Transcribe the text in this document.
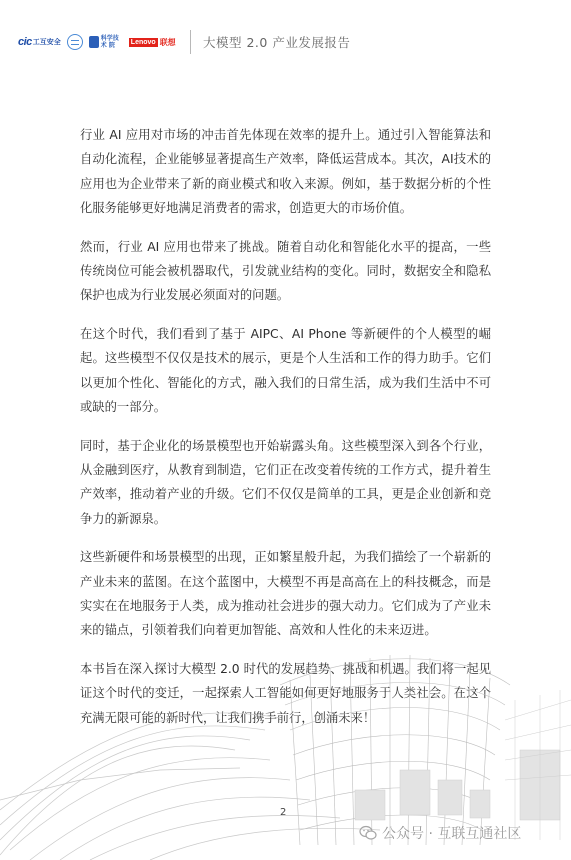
cic 工互安全	科学技术 院	Lenovo 联想 大模型 2.0 产业发展报告

行业 AI 应用对市场的冲击首先体现在效率的提升上。通过引入智能算法和自动化流程，企业能够显著提高生产效率，降低运营成本。其次，AI技术的应用也为企业带来了新的商业模式和收入来源。例如，基于数据分析的个性化服务能够更好地满足消费者的需求，创造更大的市场价值。

然而，行业 AI 应用也带来了挑战。随着自动化和智能化水平的提高，一些传统岗位可能会被机器取代，引发就业结构的变化。同时，数据安全和隐私保护也成为行业发展必须面对的问题。

在这个时代，我们看到了基于 AIPC、AI Phone 等新硬件的个人模型的崛起。这些模型不仅仅是技术的展示，更是个人生活和工作的得力助手。它们以更加个性化、智能化的方式，融入我们的日常生活，成为我们生活中不可或缺的一部分。

同时，基于企业化的场景模型也开始崭露头角。这些模型深入到各个行业，从金融到医疗，从教育到制造，它们正在改变着传统的工作方式，提升着生产效率，推动着产业的升级。它们不仅仅是简单的工具，更是企业创新和竞争力的新源泉。

这些新硬件和场景模型的出现，正如繁星般升起，为我们描绘了一个崭新的产业未来的蓝图。在这个蓝图中，大模型不再是高高在上的科技概念，而是实实在在地服务于人类，成为推动社会进步的强大动力。它们成为了产业未来的锚点，引领着我们向着更加智能、高效和人性化的未来迈进。

本书旨在深入探讨大模型 2.0 时代的发展趋势、挑战和机遇。我们将一起见证这个时代的变迁，一起探索人工智能如何更好地服务于人类社会。在这个充满无限可能的新时代，让我们携手前行，创涌未来！

2
公众号 · 互联互通社区
